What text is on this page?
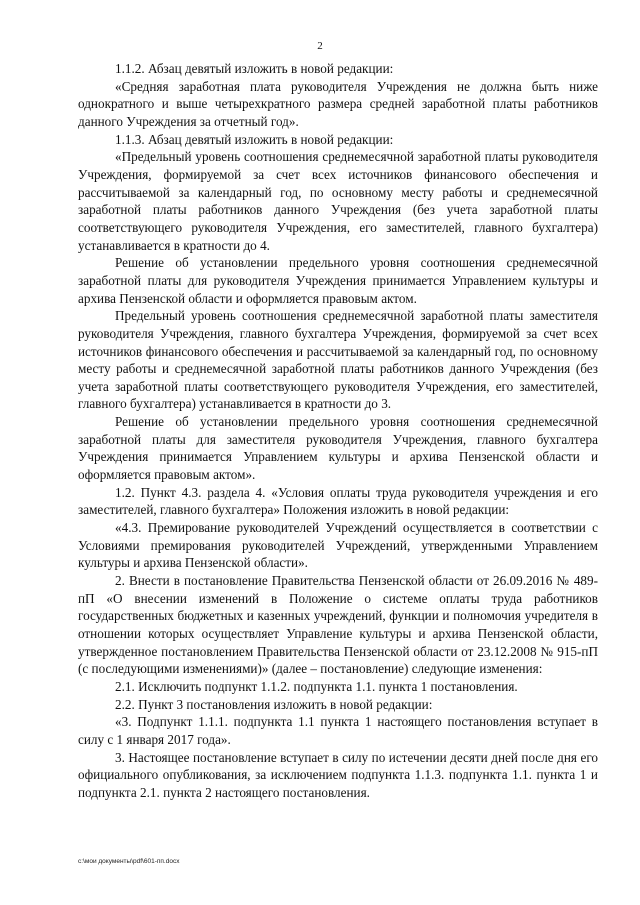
2

1.1.2. Абзац девятый изложить в новой редакции:

«Средняя заработная плата руководителя Учреждения не должна быть ниже однократного и выше четырехкратного размера средней заработной платы работников данного Учреждения за отчетный год».

1.1.3. Абзац девятый изложить в новой редакции:

«Предельный уровень соотношения среднемесячной заработной платы руководителя Учреждения, формируемой за счет всех источников финансового обеспечения и рассчитываемой за календарный год, по основному месту работы и среднемесячной заработной платы работников данного Учреждения (без учета заработной платы соответствующего руководителя Учреждения, его заместителей, главного бухгалтера) устанавливается в кратности до 4.

Решение об установлении предельного уровня соотношения среднемесячной заработной платы для руководителя Учреждения принимается Управлением культуры и архива Пензенской области и оформляется правовым актом.

Предельный уровень соотношения среднемесячной заработной платы заместителя руководителя Учреждения, главного бухгалтера Учреждения, формируемой за счет всех источников финансового обеспечения и рассчитываемой за календарный год, по основному месту работы и среднемесячной заработной платы работников данного Учреждения (без учета заработной платы соответствующего руководителя Учреждения, его заместителей, главного бухгалтера) устанавливается в кратности до 3.

Решение об установлении предельного уровня соотношения среднемесячной заработной платы для заместителя руководителя Учреждения, главного бухгалтера Учреждения принимается Управлением культуры и архива Пензенской области и оформляется правовым актом».

1.2. Пункт 4.3. раздела 4. «Условия оплаты труда руководителя учреждения и его заместителей, главного бухгалтера» Положения изложить в новой редакции:

«4.3. Премирование руководителей Учреждений осуществляется в соответствии с Условиями премирования руководителей Учреждений, утвержденными Управлением культуры и архива Пензенской области».

2. Внести в постановление Правительства Пензенской области от 26.09.2016 № 489-пП «О внесении изменений в Положение о системе оплаты труда работников государственных бюджетных и казенных учреждений, функции и полномочия учредителя в отношении которых осуществляет Управление культуры и архива Пензенской области, утвержденное постановлением Правительства Пензенской области от 23.12.2008 № 915-пП (с последующими изменениями)» (далее – постановление) следующие изменения:

2.1. Исключить подпункт 1.1.2. подпункта 1.1. пункта 1 постановления.

2.2. Пункт 3 постановления изложить в новой редакции:

«3. Подпункт 1.1.1. подпункта 1.1 пункта 1 настоящего постановления вступает в силу с 1 января 2017 года».

3. Настоящее постановление вступает в силу по истечении десяти дней после дня его официального опубликования, за исключением подпункта 1.1.3. подпункта 1.1. пункта 1 и подпункта 2.1. пункта 2 настоящего постановления.

c:\мои документы\pdf\601-пп.docx
